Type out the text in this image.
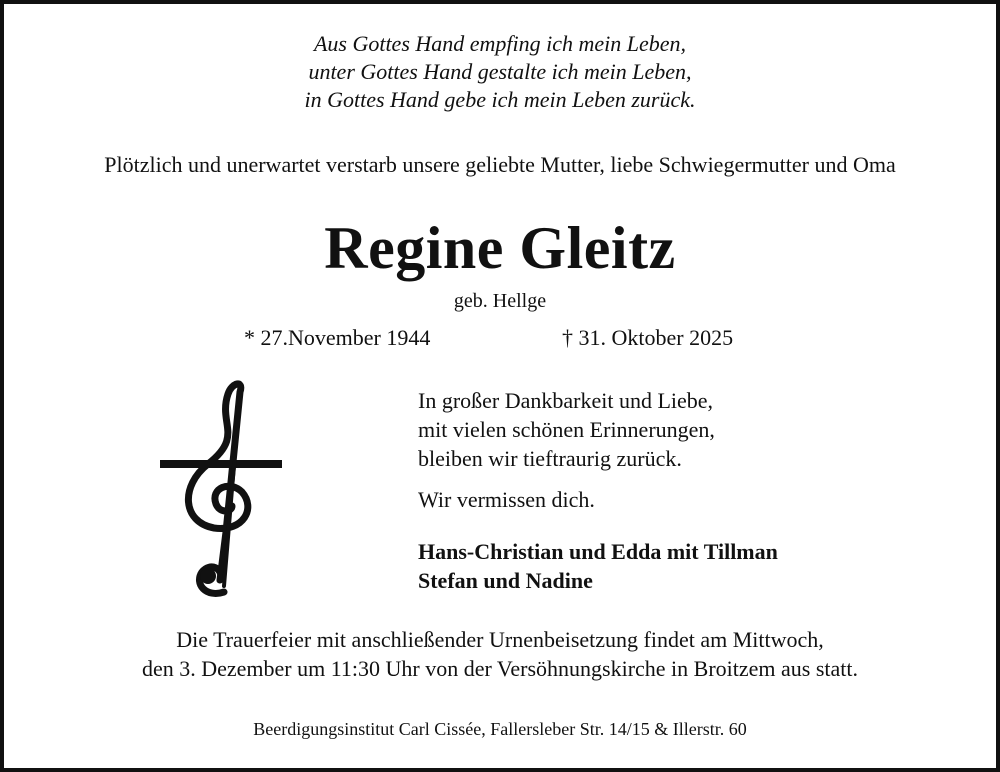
Aus Gottes Hand empfing ich mein Leben,
unter Gottes Hand gestalte ich mein Leben,
in Gottes Hand gebe ich mein Leben zurück.
Plötzlich und unerwartet verstarb unsere geliebte Mutter, liebe Schwiegermutter und Oma
Regine Gleitz
geb. Hellge
* 27.November 1944	† 31. Oktober 2025
In großer Dankbarkeit und Liebe,
mit vielen schönen Erinnerungen,
bleiben wir tieftraurig zurück.
Wir vermissen dich.
Hans-Christian und Edda mit Tillman
Stefan und Nadine
Die Trauerfeier mit anschließender Urnenbeisetzung findet am Mittwoch,
den 3. Dezember um 11:30 Uhr von der Versöhnungskirche in Broitzem aus statt.
Beerdigungsinstitut Carl Cissée, Fallersleber Str. 14/15 & Illerstr. 60
